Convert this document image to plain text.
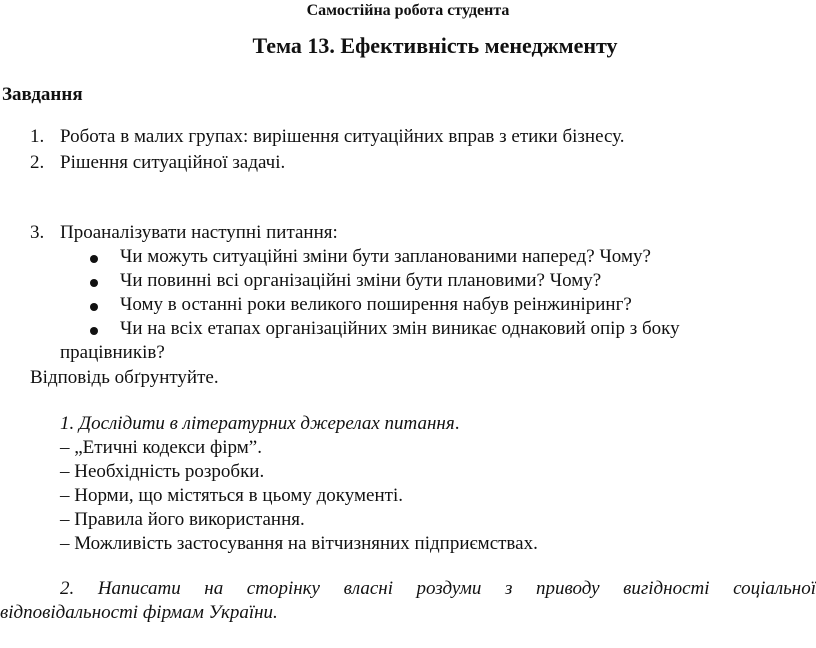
Самостійна робота студента
Тема 13. Ефективність менеджменту
Завдання
1. Робота в малих групах: вирішення ситуаційних вправ з етики бізнесу.
2. Рішення ситуаційної задачі.
3. Проаналізувати наступні питання:
Чи можуть ситуаційні зміни бути запланованими наперед? Чому?
Чи повинні всі організаційні зміни бути плановими? Чому?
Чому в останні роки великого поширення набув реінжиніринг?
Чи на всіх етапах організаційних змін виникає однаковий опір з боку
працівників?
Відповідь обґрунтуйте.
1. Дослідити в літературних джерелах питання.
– „Етичні кодекси фірм”.
– Необхідність розробки.
– Норми, що містяться в цьому документі.
– Правила його використання.
– Можливість застосування на вітчизняних підприємствах.
2. Написати на сторінку власні роздуми з приводу вигідності соціальної
відповідальності фірмам України.
